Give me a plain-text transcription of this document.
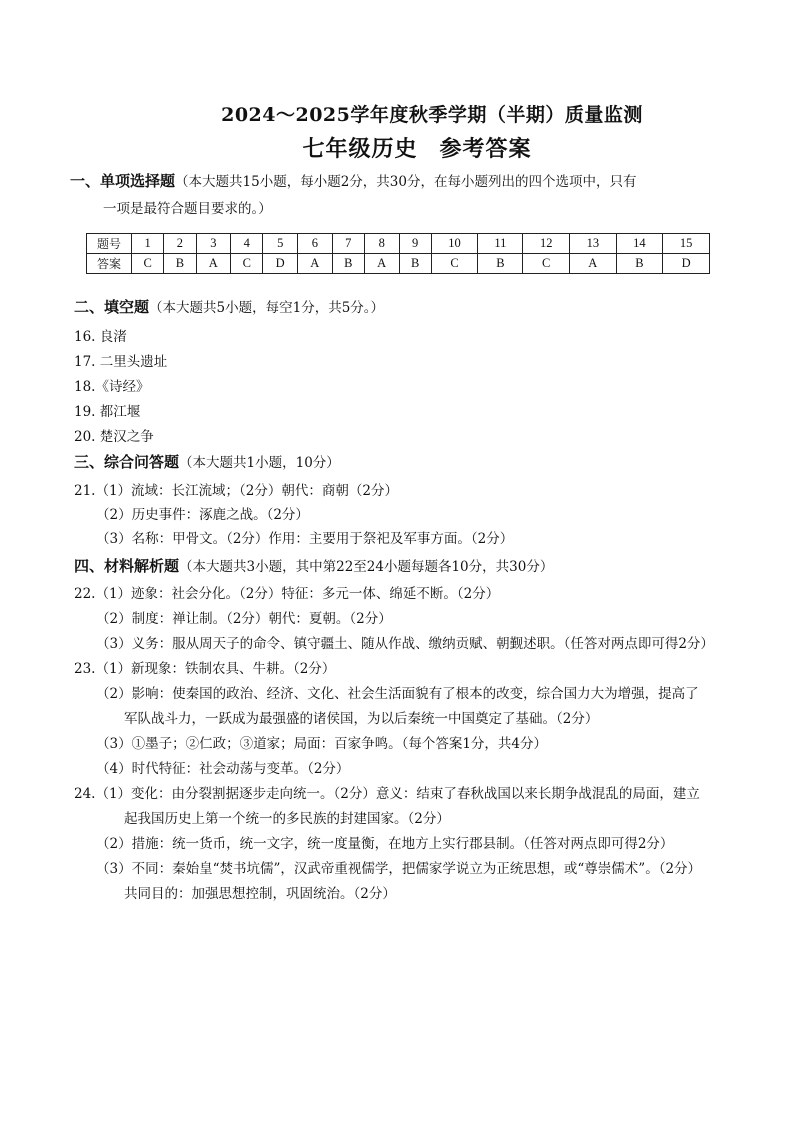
2024～2025学年度秋季学期（半期）质量监测
七年级历史 参考答案
一、单项选择题（本大题共15小题，每小题2分，共30分，在每小题列出的四个选项中，只有
一项是最符合题目要求的。）
题号	1	2	3	4	5	6	7	8	9	10	11	12	13	14	15
答案	C	B	A	C	D	A	B	A	B	C	B	C	A	B	D
二、填空题（本大题共5小题，每空1分，共5分。）
16. 良渚
17. 二里头遗址
18.《诗经》
19. 都江堰
20. 楚汉之争
三、综合问答题（本大题共1小题，10分）
21.（1）流域：长江流域；（2分）朝代：商朝（2分）
（2）历史事件：涿鹿之战。（2分）
（3）名称：甲骨文。（2分）作用：主要用于祭祀及军事方面。（2分）
四、材料解析题（本大题共3小题，其中第22至24小题每题各10分，共30分）
22.（1）迹象：社会分化。（2分）特征：多元一体、绵延不断。（2分）
（2）制度：禅让制。（2分）朝代：夏朝。（2分）
（3）义务：服从周天子的命令、镇守疆土、随从作战、缴纳贡赋、朝觐述职。（任答对两点即可得2分）
23.（1）新现象：铁制农具、牛耕。（2分）
（2）影响：使秦国的政治、经济、文化、社会生活面貌有了根本的改变，综合国力大为增强，提高了
军队战斗力，一跃成为最强盛的诸侯国，为以后秦统一中国奠定了基础。（2分）
（3）①墨子；②仁政；③道家；局面：百家争鸣。（每个答案1分，共4分）
（4）时代特征：社会动荡与变革。（2分）
24.（1）变化：由分裂割据逐步走向统一。（2分）意义：结束了春秋战国以来长期争战混乱的局面，建立
起我国历史上第一个统一的多民族的封建国家。（2分）
（2）措施：统一货币，统一文字，统一度量衡，在地方上实行郡县制。（任答对两点即可得2分）
（3）不同：秦始皇“焚书坑儒”，汉武帝重视儒学，把儒家学说立为正统思想，或“尊崇儒术”。（2分）
共同目的：加强思想控制，巩固统治。（2分）
